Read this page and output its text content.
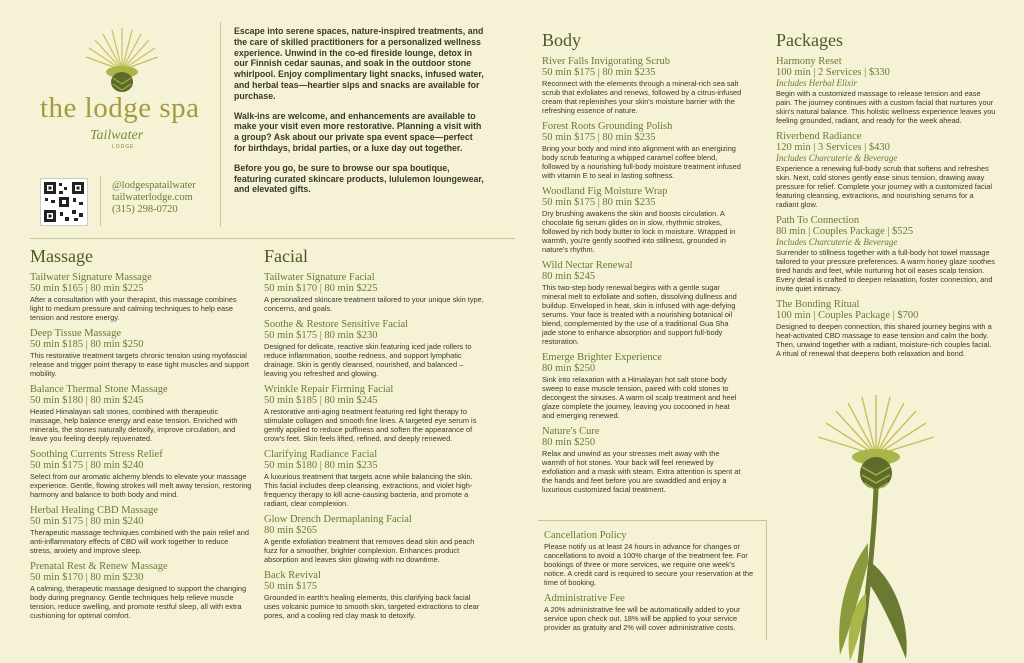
the lodge spa
Tailwater
LODGE
@lodgespatailwater
tailwaterlodge.com
(315) 298-0720

Escape into serene spaces, nature-inspired treatments, and the care of skilled practitioners for a personalized wellness experience. Unwind in the co-ed fireside lounge, detox in our Finnish cedar saunas, and soak in the outdoor stone whirlpool. Enjoy complimentary light snacks, infused water, and herbal teas—heartier sips and snacks are available for purchase.

Walk-ins are welcome, and enhancements are available to make your visit even more restorative. Planning a visit with a group? Ask about our private spa event space—perfect for birthdays, bridal parties, or a luxe day out together.

Before you go, be sure to browse our spa boutique, featuring curated skincare products, lululemon loungewear, and elevated gifts.

Massage
Tailwater Signature Massage
50 min $165 | 80 min $225

After a consultation with your therapist, this massage combines light to medium pressure and calming techniques to help ease tension and restore energy.

Deep Tissue Massage
50 min $185 | 80 min $250

This restorative treatment targets chronic tension using myofascial release and trigger point therapy to ease tight muscles and support mobility.

Balance Thermal Stone Massage
50 min $180 | 80 min $245

Heated Himalayan salt stones, combined with therapeutic massage, help balance energy and ease tension. Enriched with minerals, the stones naturally detoxify, improve circulation, and leave you feeling deeply rejuvenated.

Soothing Currents Stress Relief
50 min $175 | 80 min $240

Select from our aromatic alchemy blends to elevate your massage experience. Gentle, flowing strokes will melt away tension, restoring harmony and balance to both body and mind.

Herbal Healing CBD Massage
50 min $175 | 80 min $240

Therapeutic massage techniques combined with the pain relief and anti-inflammatory effects of CBD will work together to reduce stress, anxiety and improve sleep.

Prenatal Rest & Renew Massage
50 min $170 | 80 min $230

A calming, therapeutic massage designed to support the changing body during pregnancy. Gentle techniques help relieve muscle tension, reduce swelling, and promote restful sleep, all with extra cushioning for optimal comfort.

Facial
Tailwater Signature Facial
50 min $170 | 80 min $225

A personalized skincare treatment tailored to your unique skin type, concerns, and goals.

Soothe & Restore Sensitive Facial
50 min $175 | 80 min $230

Designed for delicate, reactive skin featuring iced jade rollers to reduce inflammation, soothe redness, and support lymphatic drainage. Skin is gently cleansed, nourished, and balanced – leaving you refreshed and glowing.

Wrinkle Repair Firming Facial
50 min $185 | 80 min $245

A restorative anti-aging treatment featuring red light therapy to stimulate collagen and smooth fine lines. A targeted eye serum is gently applied to reduce puffiness and soften the appearance of crow's feet. Skin feels lifted, refined, and deeply renewed.

Clarifying Radiance Facial
50 min $180 | 80 min $235

A luxurious treatment that targets acne while balancing the skin. This facial includes deep cleansing, extractions, and violet high-frequency therapy to kill acne-causing bacteria, and promote a radiant, clear complexion.

Glow Drench Dermaplaning Facial
80 min $265

A gentle exfoliation treatment that removes dead skin and peach fuzz for a smoother, brighter complexion. Enhances product absorption and leaves skin glowing with no downtime.

Back Revival
50 min $175

Grounded in earth's healing elements, this clarifying back facial uses volcanic pumice to smooth skin, targeted extractions to clear pores, and a cooling red clay mask to detoxify.

Body
River Falls Invigorating Scrub
50 min $175 | 80 min $235

Reconnect with the elements through a mineral-rich sea salt scrub that exfoliates and renews, followed by a citrus-infused cream that replenishes your skin's moisture barrier with the refreshing essence of nature.

Forest Roots Grounding Polish
50 min $175 | 80 min $235

Bring your body and mind into alignment with an energizing body scrub featuring a whipped caramel coffee blend, followed by a nourishing full-body moisture treatment infused with vitamin E to seal in lasting softness.

Woodland Fig Moisture Wrap
50 min $175 | 80 min $235

Dry brushing awakens the skin and boosts circulation. A chocolate fig serum glides on in slow, rhythmic strokes, followed by rich body butter to lock in moisture. Wrapped in warmth, you're gently soothed into stillness, grounded in nature's rhythm.

Wild Nectar Renewal
80 min $245

This two-step body renewal begins with a gentle sugar mineral melt to exfoliate and soften, dissolving dullness and buildup. Enveloped in heat, skin is infused with age-defying serums. Your face is treated with a nourishing botanical oil blend, complemented by the use of a traditional Gua Sha jade stone to enhance absorption and support full-body restoration.

Emerge Brighter Experience
80 min $250

Sink into relaxation with a Himalayan hot salt stone body sweep to ease muscle tension, paired with cold stones to decongest the sinuses. A warm oil scalp treatment and heel glaze complete the journey, leaving you cocooned in heat and emerging renewed.

Nature's Cure
80 min $250

Relax and unwind as your stresses melt away with the warmth of hot stones. Your back will feel renewed by exfoliation and a mask with steam. Extra attention is spent at the hands and feet before you are swaddled and enjoy a luxurious customized facial treatment.

Cancellation Policy

Please notify us at least 24 hours in advance for changes or cancellations to avoid a 100% charge of the treatment fee. For bookings of three or more services, we require one week's notice. A credit card is required to secure your reservation at the time of booking.

Administrative Fee

A 20% administrative fee will be automatically added to your service upon check out. 18% will be applied to your service provider as gratuity and 2% will cover administrative costs.

Packages
Harmony Reset
100 min | 2 Services | $330
Includes Herbal Elixir

Begin with a customized massage to release tension and ease pain. The journey continues with a custom facial that nurtures your skin's natural balance. This holistic wellness experience leaves you feeling grounded, radiant, and ready for the week ahead.

Riverbend Radiance
120 min | 3 Services | $430
Includes Charcuterie & Beverage

Experience a renewing full-body scrub that softens and refreshes skin. Next, cold stones gently ease sinus tension, drawing away pressure for relief. Complete your journey with a customized facial featuring cleansing, extractions, and nourishing serums for a radiant glow.

Path To Connection
80 min | Couples Package | $525
Includes Charcuterie & Beverage

Surrender to stillness together with a full-body hot towel massage tailored to your pressure preferences. A warm honey glaze soothes tired hands and feet, while nurturing hot oil eases scalp tension. Every detail is crafted to deepen relaxation, foster connection, and invite quiet intimacy.

The Bonding Ritual
100 min | Couples Package | $700

Designed to deepen connection, this shared journey begins with a heat-activated CBD massage to ease tension and calm the body. Then, unwind together with a radiant, moisture-rich couples facial. A ritual of renewal that deepens both relaxation and bond.
